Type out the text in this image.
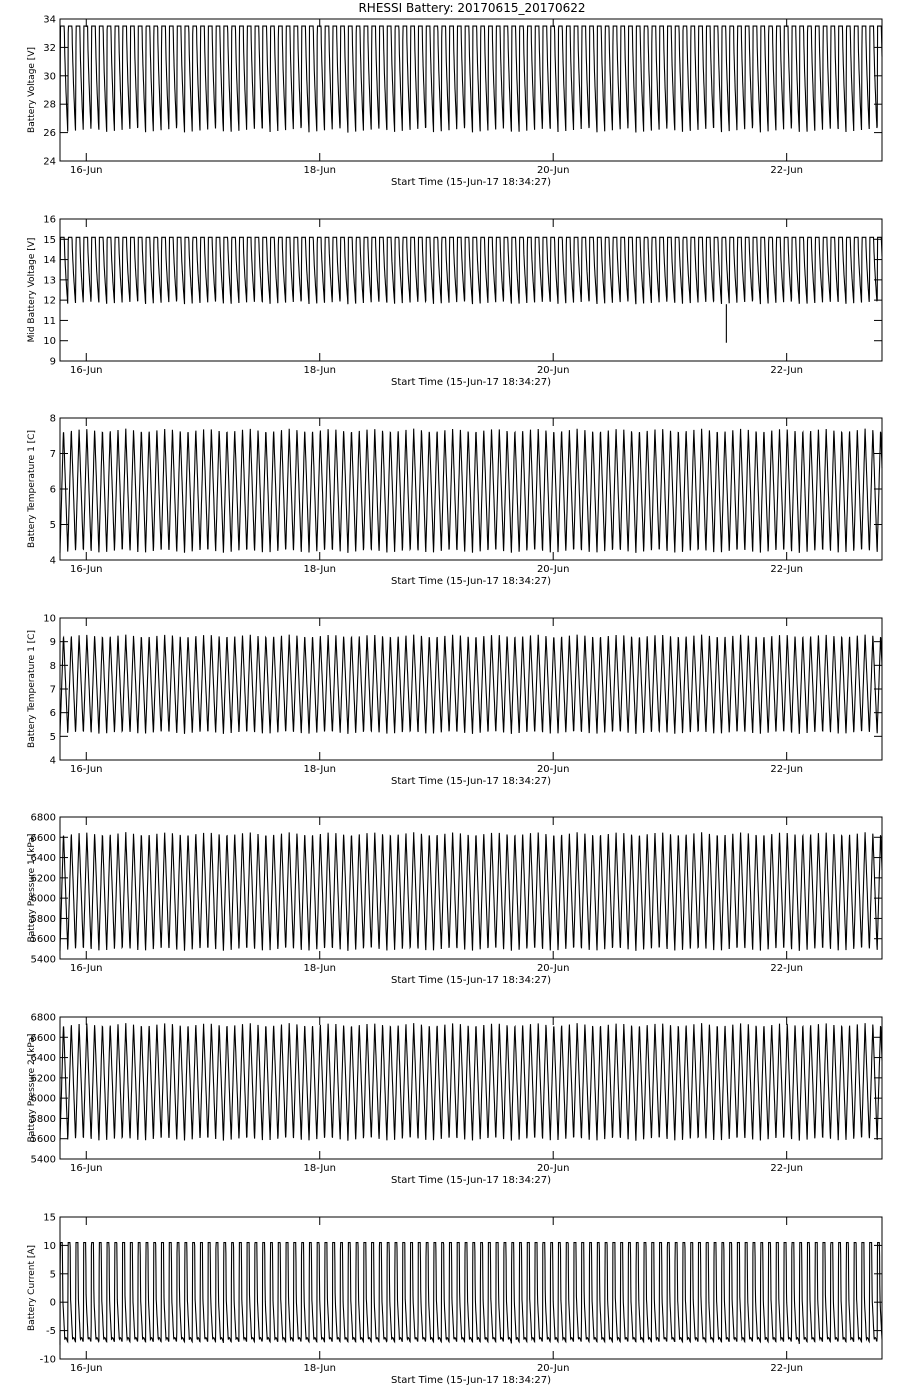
RHESSI Battery: 20170615_20170622
24
26
28
30
32
34
16-Jun	18-Jun	20-Jun	22-Jun
Start Time (15-Jun-17 18:34:27)
Battery Voltage [V]
9
10
11
12
13
14
15
16
16-Jun	18-Jun	20-Jun	22-Jun
Start Time (15-Jun-17 18:34:27)
Mid Battery Voltage [V]
4
5
6
7
8
16-Jun	18-Jun	20-Jun	22-Jun
Start Time (15-Jun-17 18:34:27)
Battery Temperature 1 [C]
4
5
6
7
8
9
10
16-Jun	18-Jun	20-Jun	22-Jun
Start Time (15-Jun-17 18:34:27)
Battery Temperature 1 [C]
5400
5600
5800
6000
6200
6400
6600
6800
16-Jun	18-Jun	20-Jun	22-Jun
Start Time (15-Jun-17 18:34:27)
Battery Pressure 1 [kPa]
5400
5600
5800
6000
6200
6400
6600
6800
16-Jun	18-Jun	20-Jun	22-Jun
Start Time (15-Jun-17 18:34:27)
Battery Pressure 2 [kPa]
-10
-5
0
5
10
15
16-Jun	18-Jun	20-Jun	22-Jun
Start Time (15-Jun-17 18:34:27)
Battery Current [A]
